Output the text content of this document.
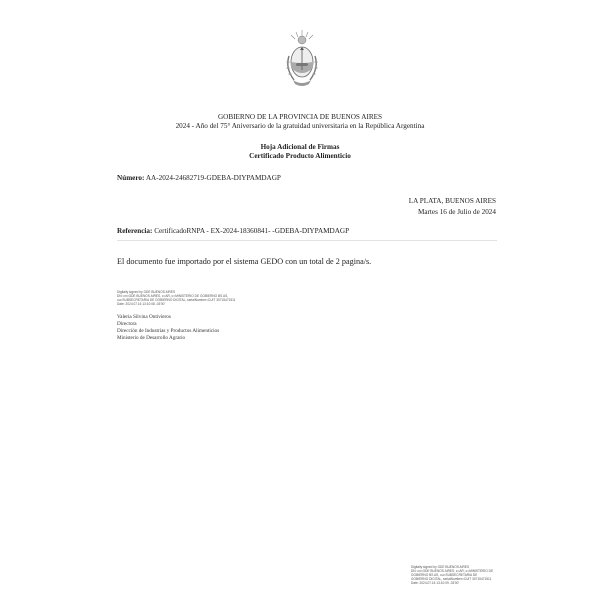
GOBIERNO DE LA PROVINCIA DE BUENOS AIRES
2024 - Año del 75° Aniversario de la gratuidad universitaria en la República Argentina
Hoja Adicional de Firmas
Certificado Producto Alimenticio
Número: AA-2024-24682719-GDEBA-DIYPAMDAGP
LA PLATA, BUENOS AIRES
Martes 16 de Julio de 2024
Referencia: CertificadoRNPA - EX-2024-18360841- -GDEBA-DIYPAMDAGP
El documento fue importado por el sistema GEDO con un total de 2 pagina/s.
Digitally signed by GDE BUENOS AIRES
DN: cn=GDE BUENOS AIRES, c=AR, o=MINISTERIO DE GOBIERNO BS AS,
ou=SUBSECRETARIA DE GOBIERNO DIGITAL, serialNumber=CUIT 30715471511
Date: 2024.07.16 13:10:08 -03'00'
Valeria Silvina Ontivieros
Directora
Dirección de Industrias y Productos Alimenticios
Ministerio de Desarrollo Agrario
Digitally signed by GDE BUENOS AIRES
DN: cn=GDE BUENOS AIRES, c=AR, o=MINISTERIO DE
GOBIERNO BS AS, ou=SUBSECRETARIA DE
GOBIERNO DIGITAL, serialNumber=CUIT 30715471511
Date: 2024.07.16 13:10:09 -03'00'
